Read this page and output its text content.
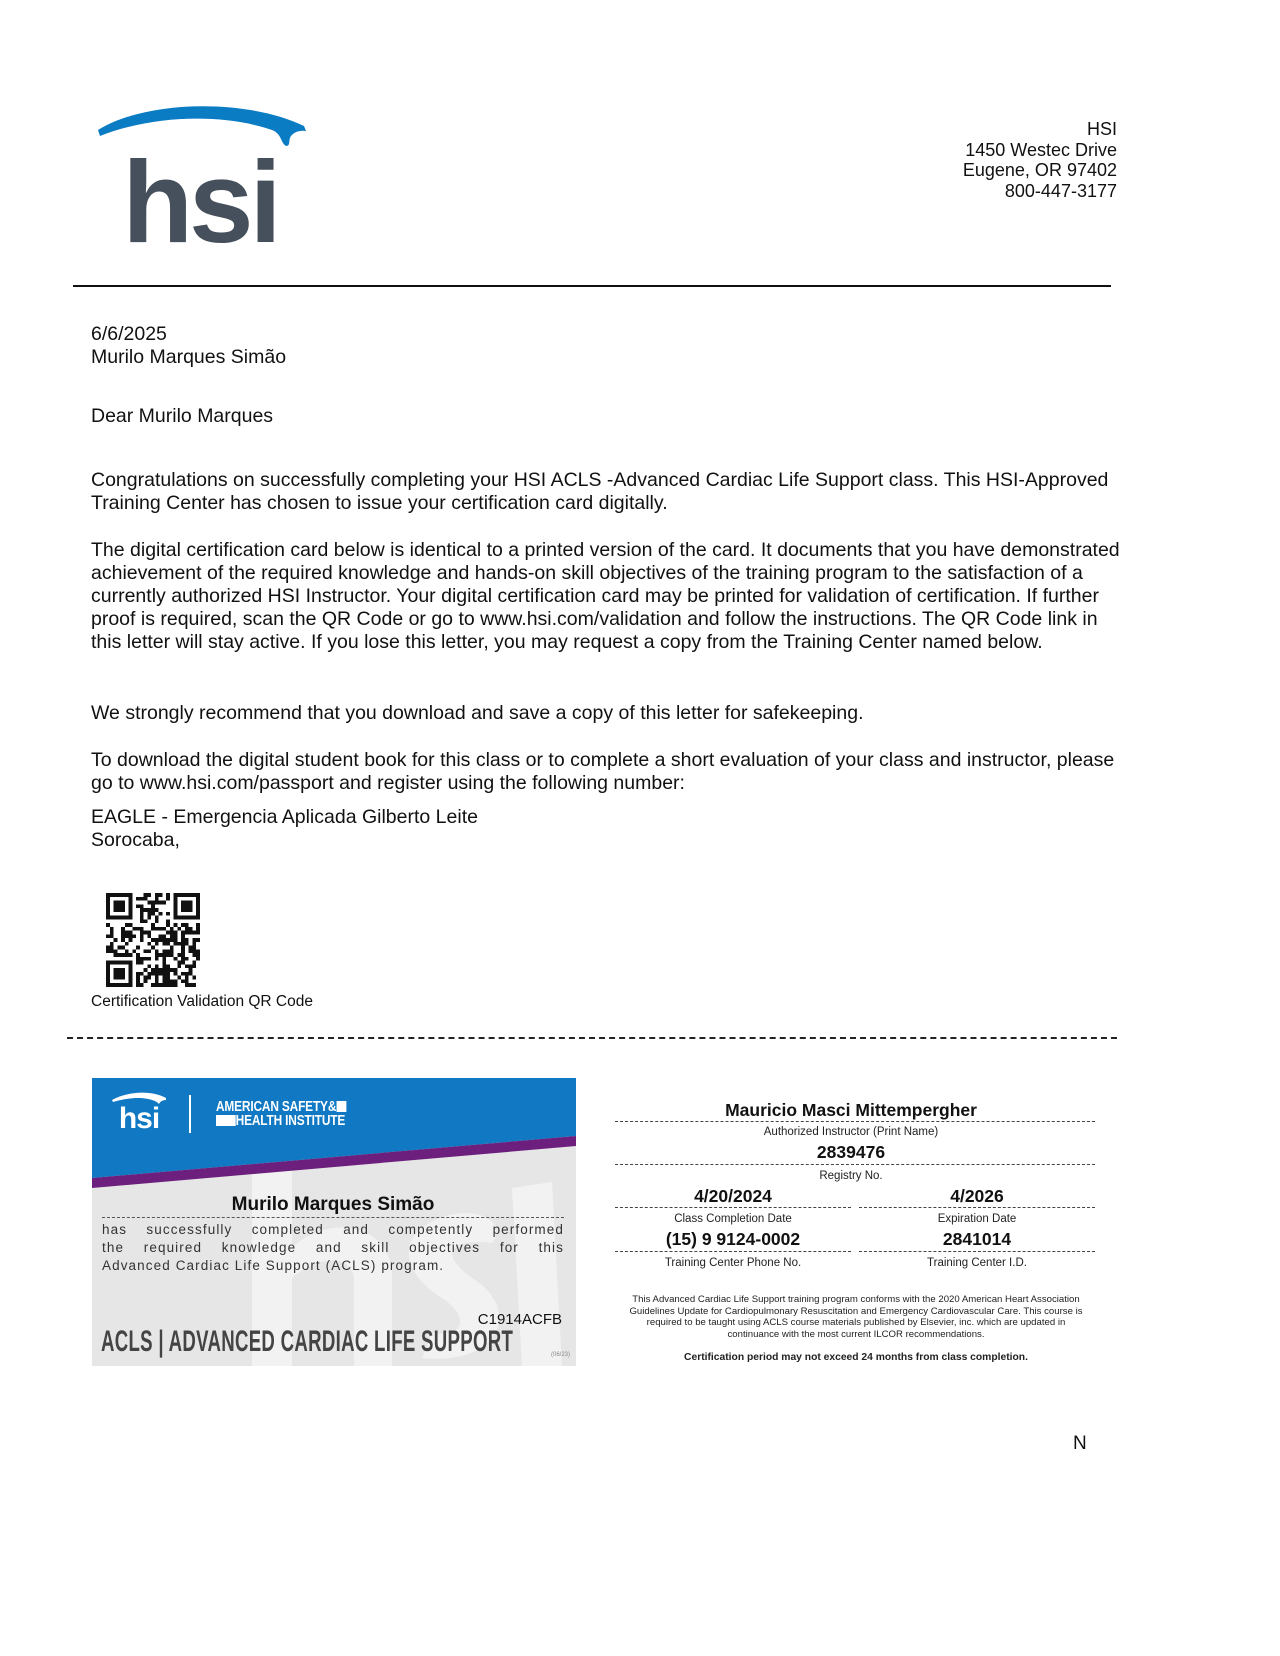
hsi
HSI
1450 Westec Drive
Eugene, OR 97402
800-447-3177

6/6/2025

Murilo Marques Simão

Dear Murilo Marques
Congratulations on successfully completing your HSI ACLS -Advanced Cardiac Life Support class. This HSI-Approved Training Center has chosen to issue your certification card digitally.
The digital certification card below is identical to a printed version of the card. It documents that you have demonstrated achievement of the required knowledge and hands-on skill objectives of the training program to the satisfaction of a currently authorized HSI Instructor. Your digital certification card may be printed for validation of certification. If further proof is required, scan the QR Code or go to www.hsi.com/validation and follow the instructions. The QR Code link in this letter will stay active. If you lose this letter, you may request a copy from the Training Center named below.
We strongly recommend that you download and save a copy of this letter for safekeeping.
To download the digital student book for this class or to complete a short evaluation of your class and instructor, please go to www.hsi.com/passport and register using the following number:

EAGLE - Emergencia Aplicada Gilberto Leite

Sorocaba,

Certification Validation QR Code
hsi	AMERICAN SAFETY&
HEALTH INSTITUTE
Murilo Marques Simão

has successfully completed and competently performed

the required knowledge and skill objectives for this

Advanced Cardiac Life Support (ACLS) program.

C1914ACFB
ACLS | ADVANCED CARDIAC LIFE SUPPORT	(06/23)
Mauricio Masci Mittempergher
Authorized Instructor (Print Name)
2839476
Registry No.
4/20/2024
Class Completion Date
4/2026
Expiration Date
(15) 9 9124-0002
Training Center Phone No.
2841014
Training Center I.D.
This Advanced Cardiac Life Support training program conforms with the 2020 American Heart Association Guidelines Update for Cardiopulmonary Resuscitation and Emergency Cardiovascular Care. This course is required to be taught using ACLS course materials published by Elsevier, inc. which are updated in continuance with the most current ILCOR recommendations.
Certification period may not exceed 24 months from class completion.
N
